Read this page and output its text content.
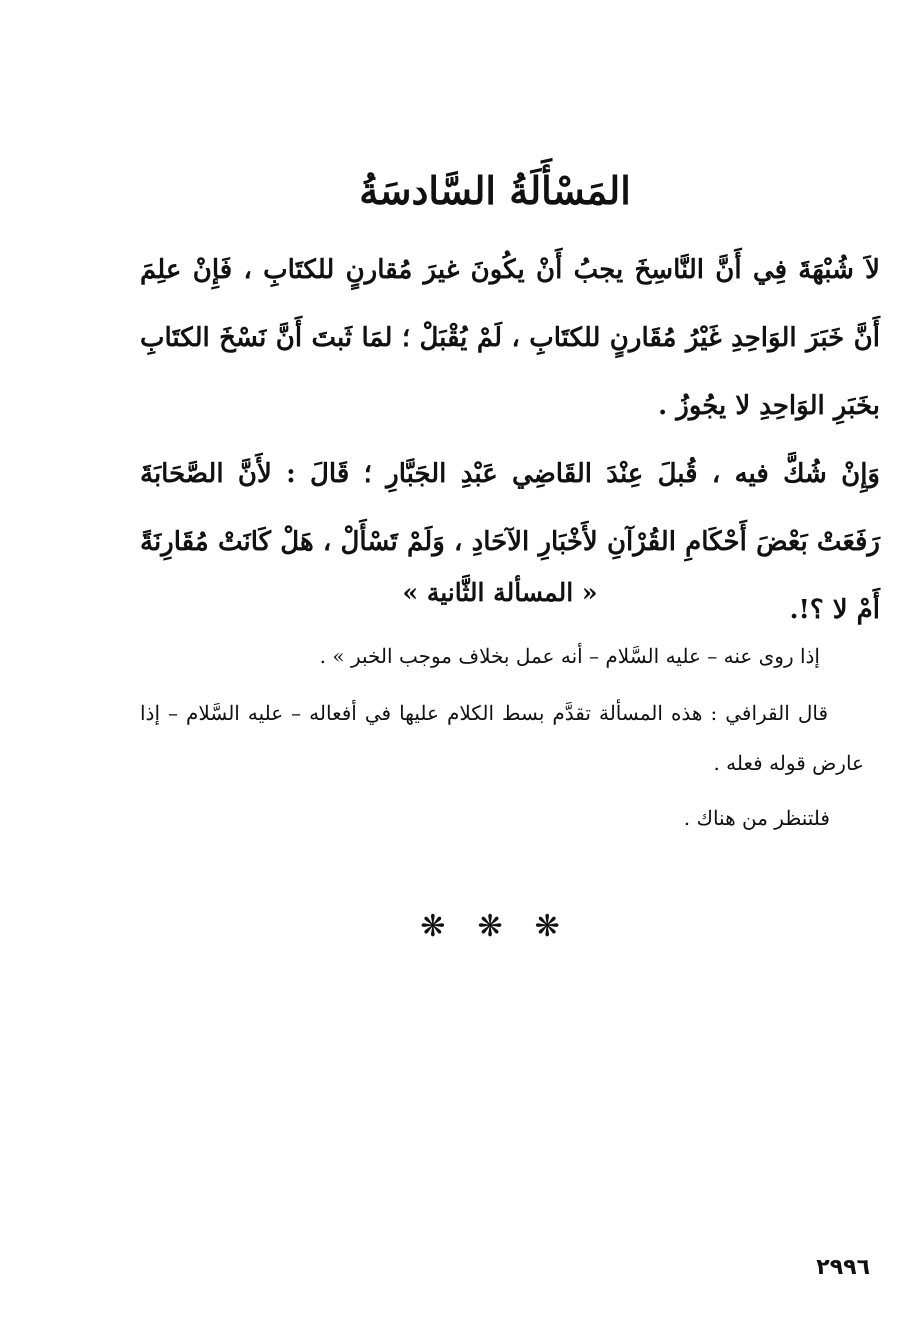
المَسْأَلَةُ السَّادسَةُ

لاَ شُبْهَةَ فِي أَنَّ النَّاسِخَ يجبُ أَنْ يكُونَ غيرَ مُقارنٍ للكتَابِ ، فَإِنْ علِمَ أَنَّ خَبَرَ الوَاحِدِ غَيْرُ مُقَارنٍ للكتَابِ ، لَمْ يُقْبَلْ ؛ لمَا ثَبتَ أَنَّ نَسْخَ الكتَابِ بخَبَرِ الوَاحِدِ لا يجُوزُ .

وَإِنْ شُكَّ فيه ، قُبلَ عِنْدَ القَاضِي عَبْدِ الجَبَّارِ ؛ قَالَ : لأَنَّ الصَّحَابَةَ رَفَعَتْ بَعْضَ أَحْكَامِ القُرْآنِ لأَخْبَارِ الآحَادِ ، وَلَمْ تَسْأَلْ ، هَلْ كَانَتْ مُقَارِنَةً أَمْ لا ؟!.

« المسألة الثَّانية »

إذا روى عنه – عليه السَّلام – أنه عمل بخلاف موجب الخبر » .

قال القرافي : هذه المسألة تقدَّم بسط الكلام عليها في أفعاله – عليه السَّلام – إذا عارض قوله فعله .

فلتنظر من هناك .

❋
❋
❋
٢٩٩٦
